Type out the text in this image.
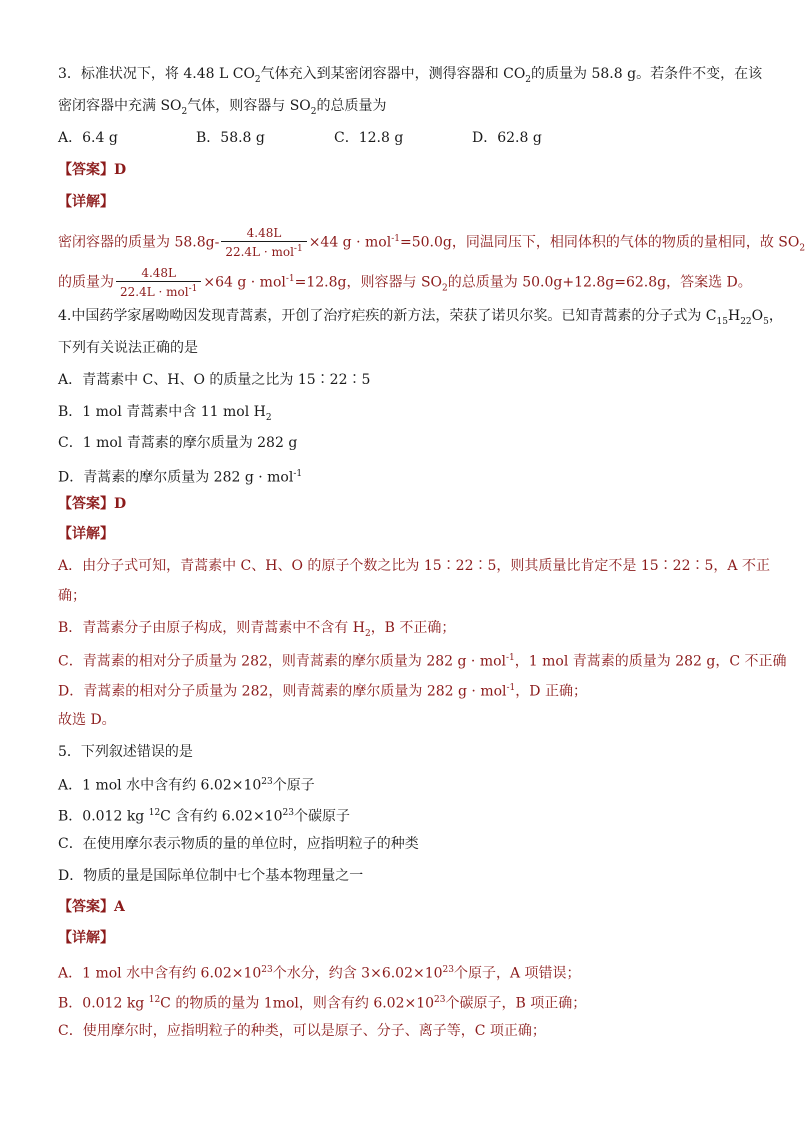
3．标准状况下，将 4.48 L $CO_2$气体充入到某密闭容器中，测得容器和 $CO_2$的质量为 58.8 g。若条件不变，在该
密闭容器中充满 $SO_2$气体，则容器与 $SO_2$的总质量为
A．6.4 g	B．58.8 g	C．12.8 g	D．62.8 g
【答案】D
【详解】
密闭容器的质量为 $58.8g- \frac{4.48L}{22.4L \cdot mol^{-1}} \times 44$ g · mol$^{-1}$=50.0g，同温同压下，相同体积的气体的物质的量相同，故 $SO_2$
的质量为 $\frac{4.48L}{22.4L \cdot mol^{-1}} \times 64$ g · mol$^{-1}$=12.8g，则容器与 $SO_2$的总质量为 50.0g+12.8g=62.8g，答案选 D。
4.中国药学家屠呦呦因发现青蒿素，开创了治疗疟疾的新方法，荣获了诺贝尔奖。已知青蒿素的分子式为 $C_{15}H_{22}O_5$，
下列有关说法正确的是
A．青蒿素中 C、H、O 的质量之比为 15∶22∶5
B．1 mol 青蒿素中含 11 mol $H_2$
C．1 mol 青蒿素的摩尔质量为 282 g
D．青蒿素的摩尔质量为 282 g · mol$^{-1}$
【答案】D
【详解】
A．由分子式可知，青蒿素中 C、H、O 的原子个数之比为 15∶22∶5，则其质量比肯定不是 15∶22∶5，A 不正
确；
B．青蒿素分子由原子构成，则青蒿素中不含有 $H_2$，B 不正确；
C．青蒿素的相对分子质量为 282，则青蒿素的摩尔质量为 282 g · mol$^{-1}$，1 mol 青蒿素的质量为 282 g，C 不正确
D．青蒿素的相对分子质量为 282，则青蒿素的摩尔质量为 282 g · mol$^{-1}$，D 正确；
故选 D。
5．下列叙述错误的是
A．1 mol 水中含有约 $6.02\times 10^{23}$个原子
B．0.012 kg $^{12}$C 含有约 $6.02\times 10^{23}$个碳原子
C．在使用摩尔表示物质的量的单位时，应指明粒子的种类
D．物质的量是国际单位制中七个基本物理量之一
【答案】A
【详解】
A．1 mol 水中含有约 $6.02\times 10^{23}$个水分，约含 $3\times 6.02\times 10^{23}$个原子，A 项错误；
B．0.012 kg $^{12}$C 的物质的量为 1mol，则含有约 $6.02\times 10^{23}$个碳原子，B 项正确；
C．使用摩尔时，应指明粒子的种类，可以是原子、分子、离子等，C 项正确；
